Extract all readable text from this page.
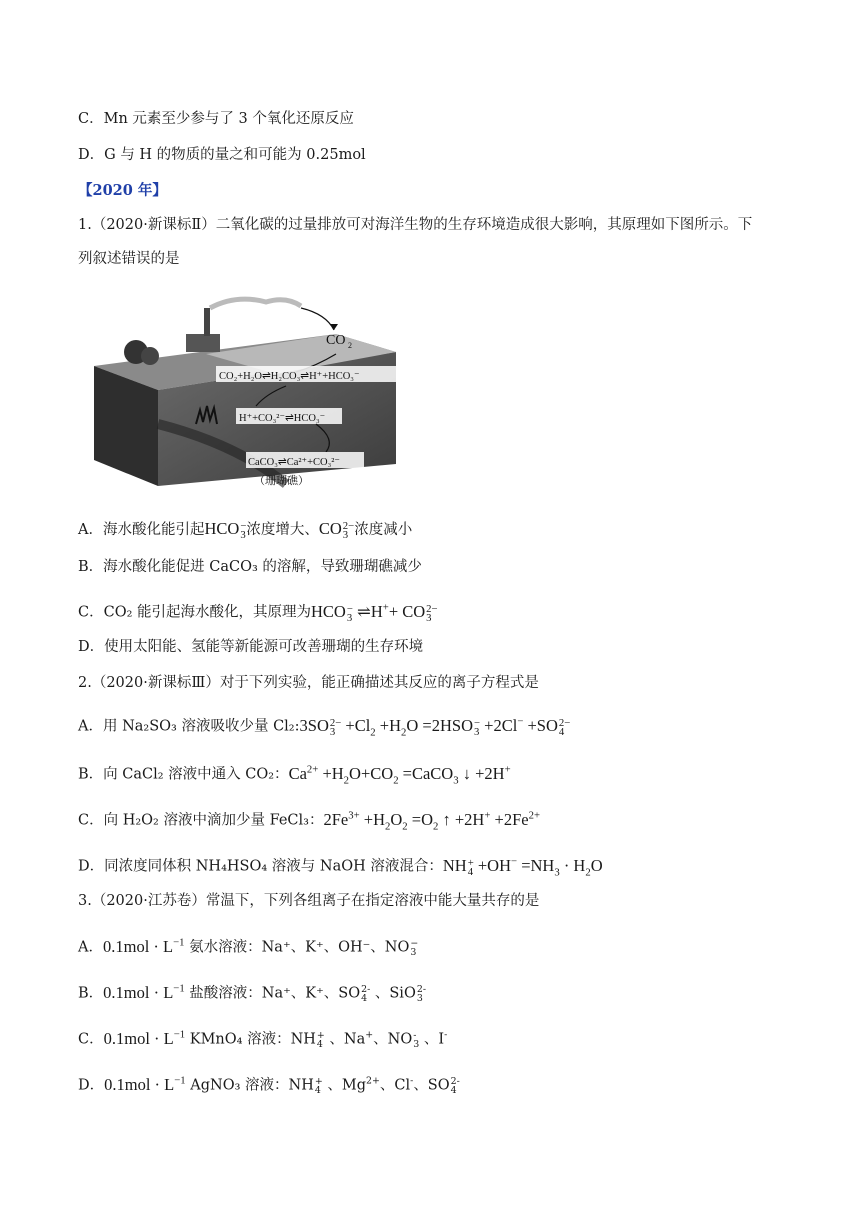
C．Mn 元素至少参与了 3 个氧化还原反应
D．G 与 H 的物质的量之和可能为 0.25mol
【2020 年】
1.（2020·新课标Ⅱ）二氧化碳的过量排放可对海洋生物的生存环境造成很大影响，其原理如下图所示。下
列叙述错误的是
CO 2
CO₂+H₂O⇌H₂CO₃⇌H⁺+HCO₃⁻
H⁺+CO₃²⁻⇌HCO₃⁻
CaCO₃⇌Ca²⁺+CO₃²⁻
（珊瑚礁）
A．海水酸化能引起HCO −
3 浓度增大、CO 2−
3 浓度减小
B．海水酸化能促进 CaCO₃ 的溶解，导致珊瑚礁减少
C．CO₂ 能引起海水酸化，其原理为HCO −
3 ⇌H++ CO 2−
3
D．使用太阳能、氢能等新能源可改善珊瑚的生存环境
2.（2020·新课标Ⅲ）对于下列实验，能正确描述其反应的离子方程式是
A．用 Na₂SO₃ 溶液吸收少量 Cl₂:3SO 2−
$3 +Cl_2 +H_2O =2HSO$ −
3 +2Cl− +SO 2−
4
B．向 CaCl₂ 溶液中通入 CO₂：$Ca^{2+} +H_2O+CO_2$ =CaCO$_3$ ↓ +2H+
C．向 H₂O₂ 溶液中滴加少量 FeCl₃：$2Fe^{3+} +H_2O_2 =O_2$ ↑ $+2H^+ +2Fe^{2+}$
D．同浓度同体积 NH₄HSO₄ 溶液与 NaOH 溶液混合：NH +
$4 +OH^- =NH_3 \cdot H_2O$
3.（2020·江苏卷）常温下，下列各组离子在指定溶液中能大量共存的是
A．$0.1mol \cdot L^{-1}$ 氨水溶液：Na⁺、K⁺、OH⁻、NO −
3
B．$0.1mol \cdot L^{-1}$ 盐酸溶液：Na⁺、K⁺、SO 2-
4 、SiO 2-
3
C．$0.1mol \cdot L^{-1}$ KMnO₄ 溶液：NH +
4 、Na+、NO -
3 、I-
D．$0.1mol \cdot L^{-1}$ AgNO₃ 溶液：NH +
4 、$Mg^{2+}$、Cl-、SO 2-
4
